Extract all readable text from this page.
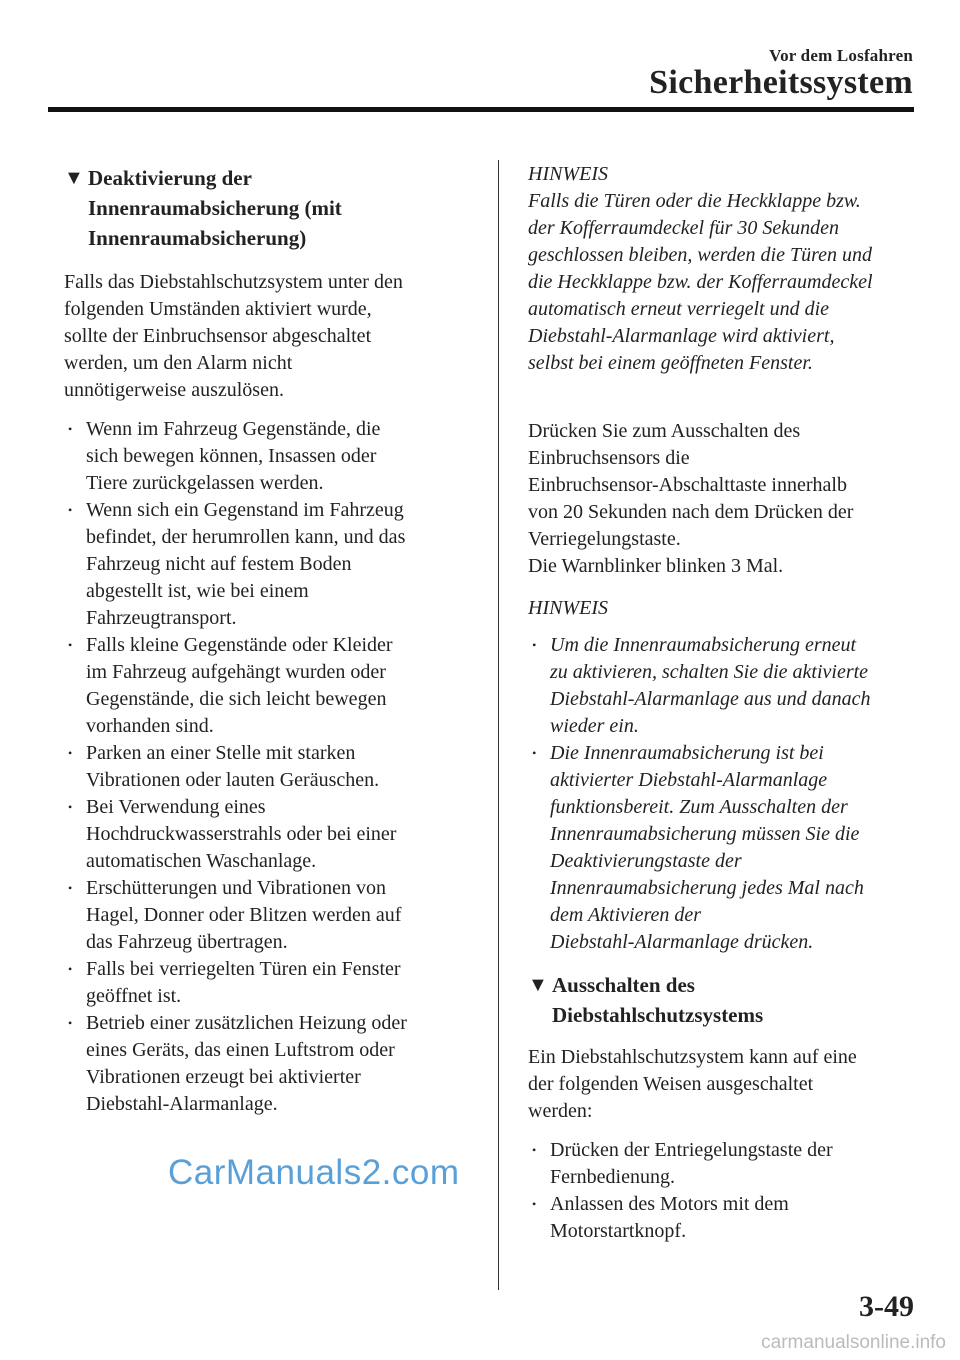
Vor dem Losfahren
Sicherheitssystem
▼ Deaktivierung der
Innenraumabsicherung (mit
Innenraumabsicherung)
Falls das Diebstahlschutzsystem unter den
folgenden Umständen aktiviert wurde,
sollte der Einbruchsensor abgeschaltet
werden, um den Alarm nicht
unnötigerweise auszulösen.
• Wenn im Fahrzeug Gegenstände, die
sich bewegen können, Insassen oder
Tiere zurückgelassen werden.
• Wenn sich ein Gegenstand im Fahrzeug
befindet, der herumrollen kann, und das
Fahrzeug nicht auf festem Boden
abgestellt ist, wie bei einem
Fahrzeugtransport.
• Falls kleine Gegenstände oder Kleider
im Fahrzeug aufgehängt wurden oder
Gegenstände, die sich leicht bewegen
vorhanden sind.
• Parken an einer Stelle mit starken
Vibrationen oder lauten Geräuschen.
• Bei Verwendung eines
Hochdruckwasserstrahls oder bei einer
automatischen Waschanlage.
• Erschütterungen und Vibrationen von
Hagel, Donner oder Blitzen werden auf
das Fahrzeug übertragen.
• Falls bei verriegelten Türen ein Fenster
geöffnet ist.
• Betrieb einer zusätzlichen Heizung oder
eines Geräts, das einen Luftstrom oder
Vibrationen erzeugt bei aktivierter
Diebstahl-Alarmanlage.
HINWEIS
Falls die Türen oder die Heckklappe bzw.
der Kofferraumdeckel für 30 Sekunden
geschlossen bleiben, werden die Türen und
die Heckklappe bzw. der Kofferraumdeckel
automatisch erneut verriegelt und die
Diebstahl-Alarmanlage wird aktiviert,
selbst bei einem geöffneten Fenster.
Drücken Sie zum Ausschalten des
Einbruchsensors die
Einbruchsensor-Abschalttaste innerhalb
von 20 Sekunden nach dem Drücken der
Verriegelungstaste.
Die Warnblinker blinken 3 Mal.
HINWEIS
• Um die Innenraumabsicherung erneut
zu aktivieren, schalten Sie die aktivierte
Diebstahl-Alarmanlage aus und danach
wieder ein.
• Die Innenraumabsicherung ist bei
aktivierter Diebstahl-Alarmanlage
funktionsbereit. Zum Ausschalten der
Innenraumabsicherung müssen Sie die
Deaktivierungstaste der
Innenraumabsicherung jedes Mal nach
dem Aktivieren der
Diebstahl-Alarmanlage drücken.
▼ Ausschalten des
Diebstahlschutzsystems
Ein Diebstahlschutzsystem kann auf eine
der folgenden Weisen ausgeschaltet
werden:
• Drücken der Entriegelungstaste der
Fernbedienung.
• Anlassen des Motors mit dem
Motorstartknopf.
CarManuals2.com
3-49
carmanualsonline.info
